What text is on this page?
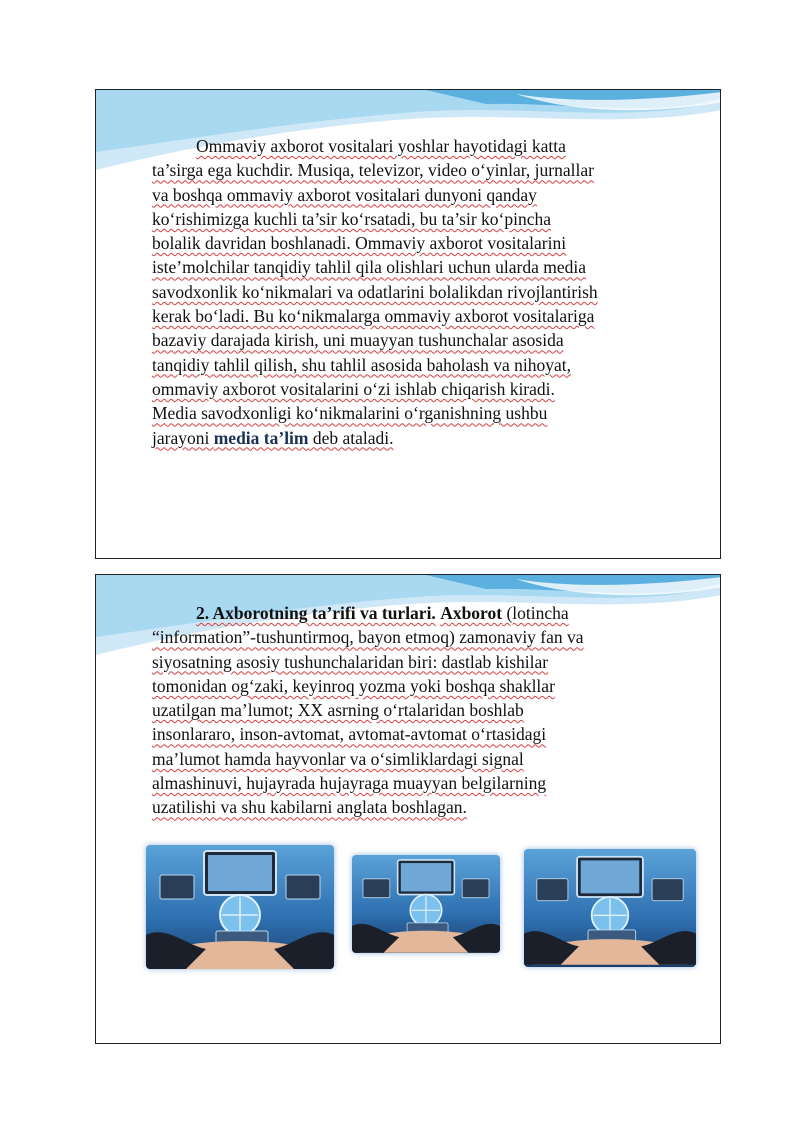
Ommaviy axborot vositalari yoshlar hayotidagi katta
ta’sirga ega kuchdir. Musiqa, televizor, video o‘yinlar, jurnallar
va boshqa ommaviy axborot vositalari dunyoni qanday
ko‘rishimizga kuchli ta’sir ko‘rsatadi, bu ta’sir ko‘pincha
bolalik davridan boshlanadi. Ommaviy axborot vositalarini
iste’molchilar tanqidiy tahlil qila olishlari uchun ularda media
savodxonlik ko‘nikmalari va odatlarini bolalikdan rivojlantirish
kerak bo‘ladi. Bu ko‘nikmalarga ommaviy axborot vositalariga
bazaviy darajada kirish, uni muayyan tushunchalar asosida
tanqidiy tahlil qilish, shu tahlil asosida baholash va nihoyat,
ommaviy axborot vositalarini o‘zi ishlab chiqarish kiradi.
Media savodxonligi ko‘nikmalarini o‘rganishning ushbu
jarayoni media ta’lim deb ataladi.
2. Axborotning ta’rifi va turlari. Axborot (lotincha
“information”-tushuntirmoq, bayon etmoq) zamonaviy fan va
siyosatning asosiy tushunchalaridan biri: dastlab kishilar
tomonidan og‘zaki, keyinroq yozma yoki boshqa shakllar
uzatilgan ma’lumot; XX asrning o‘rtalaridan boshlab
insonlararo, inson-avtomat, avtomat-avtomat o‘rtasidagi
ma’lumot hamda hayvonlar va o‘simliklardagi signal
almashinuvi, hujayrada hujayraga muayyan belgilarning
uzatilishi va shu kabilarni anglata boshlagan.
